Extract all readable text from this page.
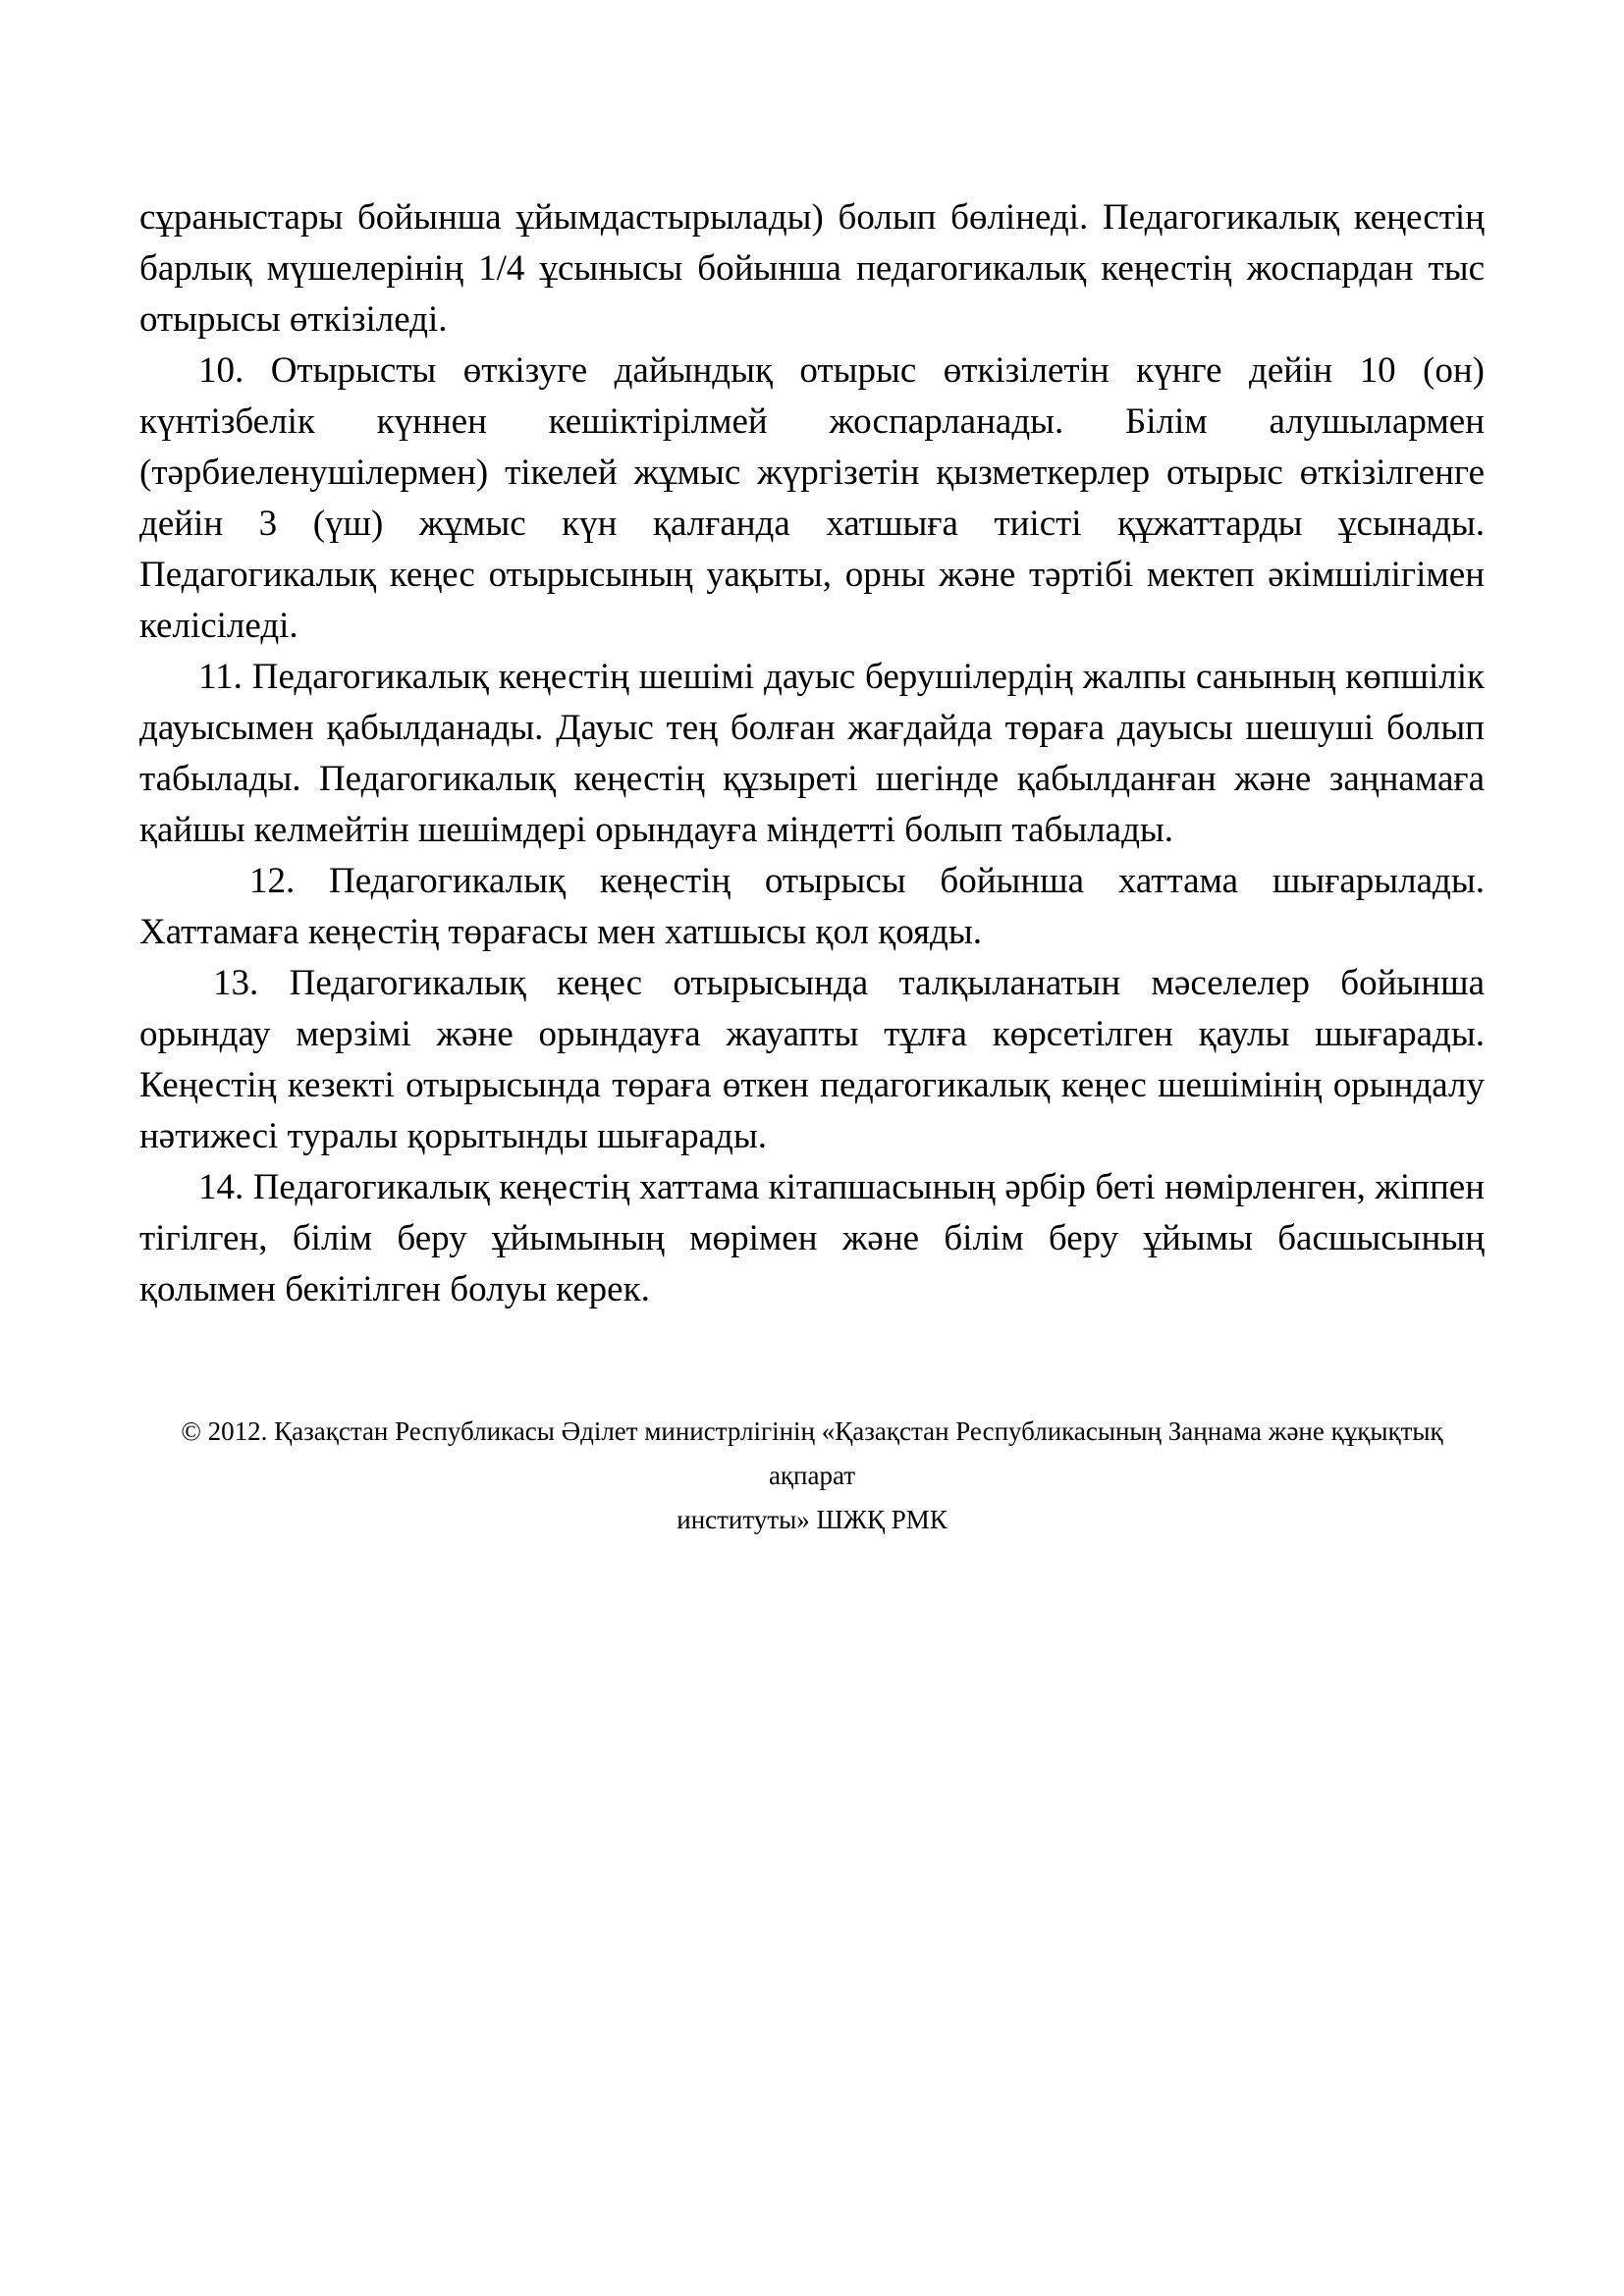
сұраныстары бойынша ұйымдастырылады) болып бөлінеді. Педагогикалық кеңестің барлық мүшелерінің 1/4 ұсынысы бойынша педагогикалық кеңестің жоспардан тыс отырысы өткізіледі.

10. Отырысты өткізуге дайындық отырыс өткізілетін күнге дейін 10 (он) күнтізбелік күннен кешіктірілмей жоспарланады. Білім алушылармен (тәрбиеленушілермен) тікелей жұмыс жүргізетін қызметкерлер отырыс өткізілгенге дейін 3 (үш) жұмыс күн қалғанда хатшыға тиісті құжаттарды ұсынады. Педагогикалық кеңес отырысының уақыты, орны және тәртібі мектеп әкімшілігімен келісіледі.

11. Педагогикалық кеңестің шешімі дауыс берушілердің жалпы санының көпшілік дауысымен қабылданады. Дауыс тең болған жағдайда төраға дауысы шешуші болып табылады. Педагогикалық кеңестің құзыреті шегінде қабылданған және заңнамаға қайшы келмейтін шешімдері орындауға міндетті болып табылады.

12. Педагогикалық кеңестің отырысы бойынша хаттама шығарылады. Хаттамаға кеңестің төрағасы мен хатшысы қол қояды.

13. Педагогикалық кеңес отырысында талқыланатын мәселелер бойынша орындау мерзімі және орындауға жауапты тұлға көрсетілген қаулы шығарады. Кеңестің кезекті отырысында төраға өткен педагогикалық кеңес шешімінің орындалу нәтижесі туралы қорытынды шығарады.

14. Педагогикалық кеңестің хаттама кітапшасының әрбір беті нөмірленген, жіппен тігілген, білім беру ұйымының мөрімен және білім беру ұйымы басшысының қолымен бекітілген болуы керек.

© 2012. Қазақстан Республикасы Әділет министрлігінің «Қазақстан Республикасының Заңнама және құқықтық ақпарат
институты» ШЖҚ РМК
